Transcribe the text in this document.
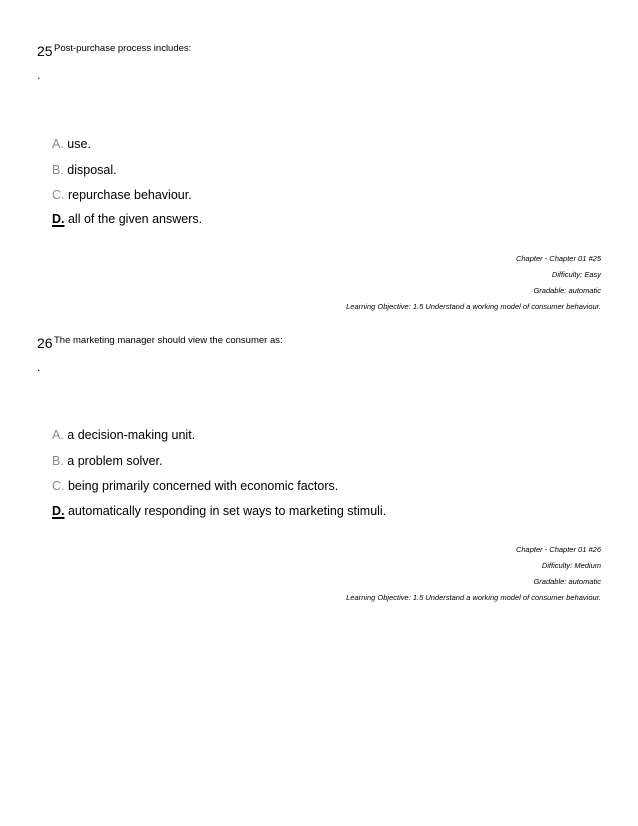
25 Post-purchase process includes:
.
A. use.
B. disposal.
C. repurchase behaviour.
D. all of the given answers.
Chapter - Chapter 01 #25
Difficulty: Easy
Gradable: automatic
Learning Objective: 1.5 Understand a working model of consumer behaviour.
26 The marketing manager should view the consumer as:
.
A. a decision-making unit.
B. a problem solver.
C. being primarily concerned with economic factors.
D. automatically responding in set ways to marketing stimuli.
Chapter - Chapter 01 #26
Difficulty: Medium
Gradable: automatic
Learning Objective: 1.5 Understand a working model of consumer behaviour.
